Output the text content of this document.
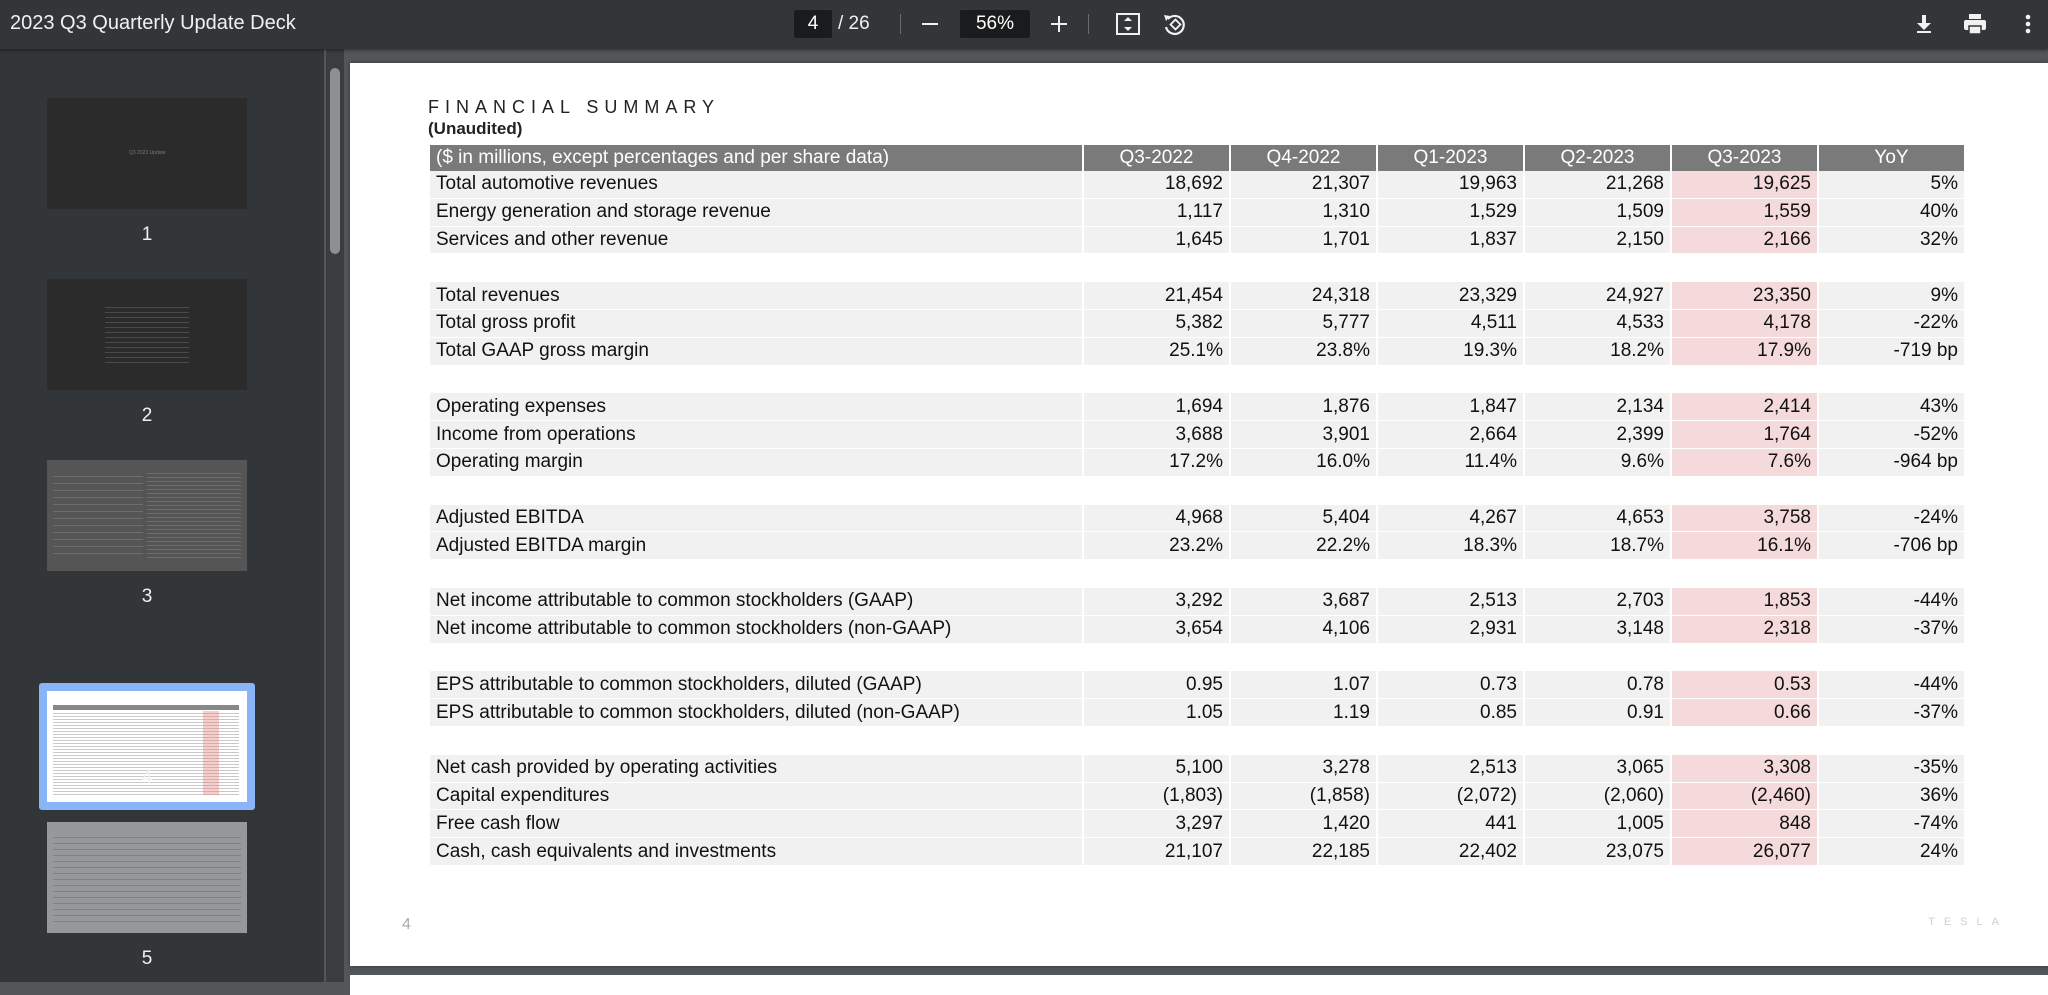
2023 Q3 Quarterly Update Deck	4	/ 26	56%
Q3 2023 Update
1
2
3
4
5
FINANCIAL SUMMARY
(Unaudited)
($ in millions, except percentages and per share data)	Q3-2022	Q4-2022	Q1-2023	Q2-2023	Q3-2023	YoY
Total automotive revenues	18,692	21,307	19,963	21,268	19,625	5%
Energy generation and storage revenue	1,117	1,310	1,529	1,509	1,559	40%
Services and other revenue	1,645	1,701	1,837	2,150	2,166	32%

Total revenues	21,454	24,318	23,329	24,927	23,350	9%
Total gross profit	5,382	5,777	4,511	4,533	4,178	-22%
Total GAAP gross margin	25.1%	23.8%	19.3%	18.2%	17.9%	-719 bp

Operating expenses	1,694	1,876	1,847	2,134	2,414	43%
Income from operations	3,688	3,901	2,664	2,399	1,764	-52%
Operating margin	17.2%	16.0%	11.4%	9.6%	7.6%	-964 bp

Adjusted EBITDA	4,968	5,404	4,267	4,653	3,758	-24%
Adjusted EBITDA margin	23.2%	22.2%	18.3%	18.7%	16.1%	-706 bp

Net income attributable to common stockholders (GAAP)	3,292	3,687	2,513	2,703	1,853	-44%
Net income attributable to common stockholders (non-GAAP)	3,654	4,106	2,931	3,148	2,318	-37%

EPS attributable to common stockholders, diluted (GAAP)	0.95	1.07	0.73	0.78	0.53	-44%
EPS attributable to common stockholders, diluted (non-GAAP)	1.05	1.19	0.85	0.91	0.66	-37%

Net cash provided by operating activities	5,100	3,278	2,513	3,065	3,308	-35%
Capital expenditures	(1,803)	(1,858)	(2,072)	(2,060)	(2,460)	36%
Free cash flow	3,297	1,420	441	1,005	848	-74%
Cash, cash equivalents and investments	21,107	22,185	22,402	23,075	26,077	24%
4	TESLA
